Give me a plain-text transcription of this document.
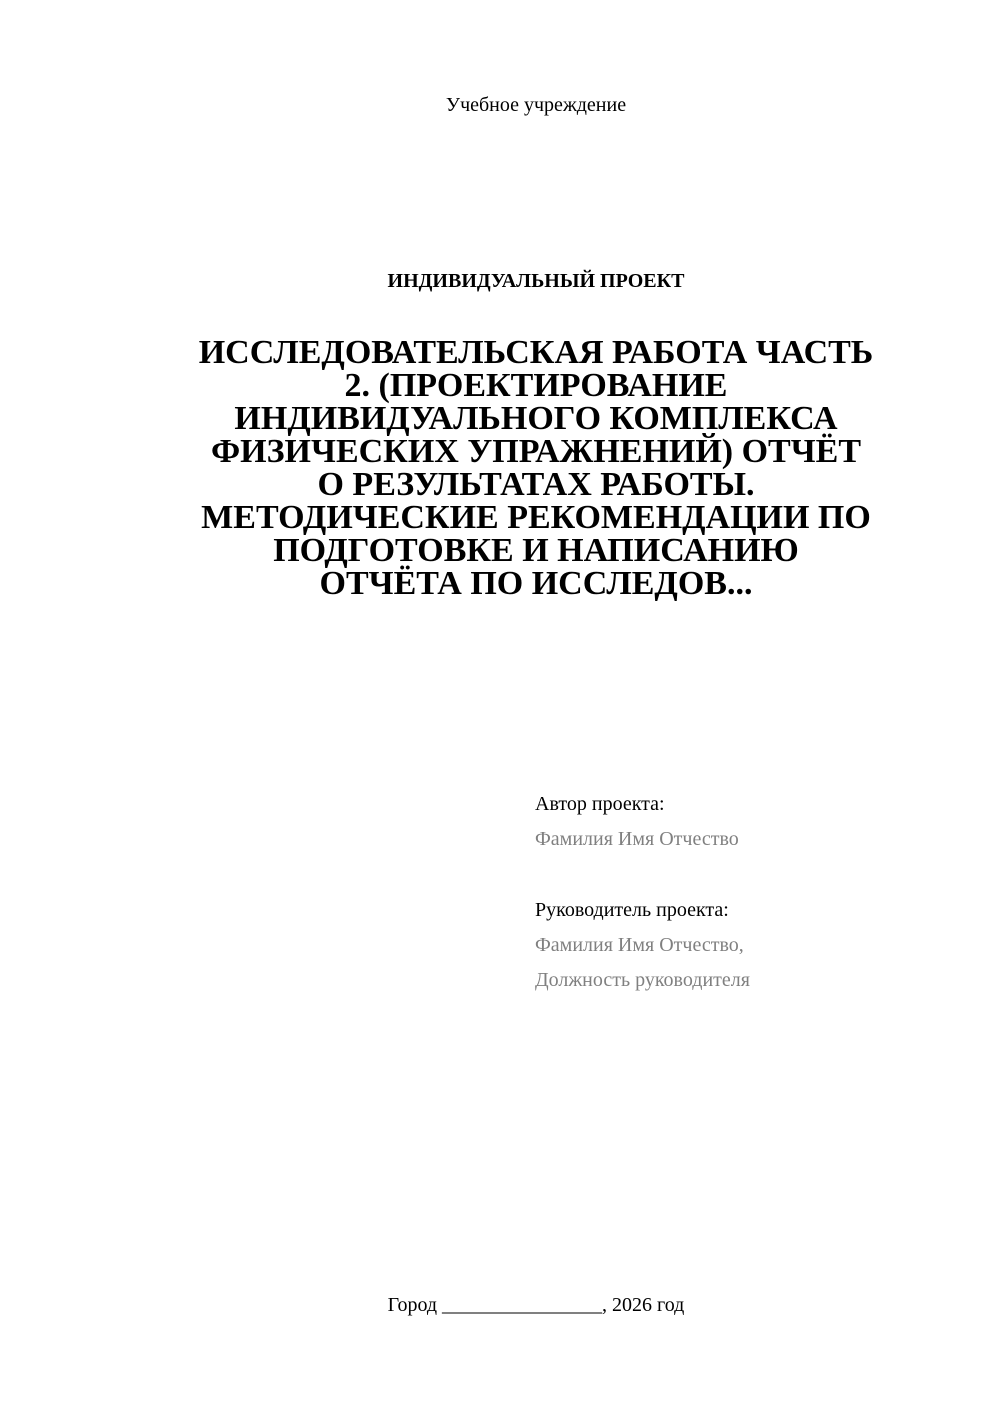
Учебное учреждение
ИНДИВИДУАЛЬНЫЙ ПРОЕКТ
ИССЛЕДОВАТЕЛЬСКАЯ РАБОТА ЧАСТЬ
2. (ПРОЕКТИРОВАНИЕ
ИНДИВИДУАЛЬНОГО КОМПЛЕКСА
ФИЗИЧЕСКИХ УПРАЖНЕНИЙ) ОТЧЁТ
О РЕЗУЛЬТАТАХ РАБОТЫ.
МЕТОДИЧЕСКИЕ РЕКОМЕНДАЦИИ ПО
ПОДГОТОВКЕ И НАПИСАНИЮ
ОТЧЁТА ПО ИССЛЕДОВ...
Автор проекта:
Фамилия Имя Отчество
Руководитель проекта:
Фамилия Имя Отчество,
Должность руководителя
Город ________________, 2026 год
